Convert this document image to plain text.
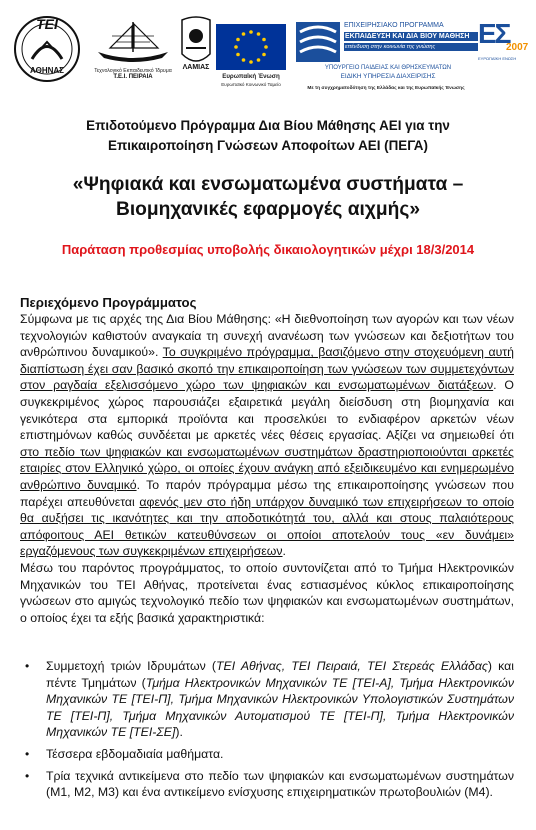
ΤΕΙ
ΑΘΗΝΑΣ	Τεχνολογικό Εκπαιδευτικό Ίδρυμα
Τ.Ε.Ι. ΠΕΙΡΑΙΑ
ΛΑΜΙΑΣ
Ευρωπαϊκή Ένωση
Ευρωπαϊκό Κοινωνικό Ταμείο
ΕΠΙΧΕΙΡΗΣΙΑΚΟ ΠΡΟΓΡΑΜΜΑ
ΕΚΠΑΙΔΕΥΣΗ ΚΑΙ ΔΙΑ ΒΙΟΥ ΜΑΘΗΣΗ
επένδυση στην κοινωνία της γνώσης
ΥΠΟΥΡΓΕΙΟ ΠΑΙΔΕΙΑΣ ΚΑΙ ΘΡΗΣΚΕΥΜΑΤΩΝ
ΕΙΔΙΚΗ ΥΠΗΡΕΣΙΑ ΔΙΑΧΕΙΡΙΣΗΣ
Με τη συγχρηματοδότηση της Ελλάδας και της Ευρωπαϊκής Ένωσης
ΕΣ
2007
ΕΥΡΩΠΑΪΚΗ ΕΝΩΣΗ
Επιδοτούμενο Πρόγραμμα Δια Βίου Μάθησης ΑΕΙ για την
Επικαιροποίηση Γνώσεων Αποφοίτων ΑΕΙ (ΠΕΓΑ)
«Ψηφιακά και ενσωματωμένα συστήματα –
Βιομηχανικές εφαρμογές αιχμής»
Παράταση προθεσμίας υποβολής δικαιολογητικών μέχρι 18/3/2014

Περιεχόμενο Προγράμματος

Σύμφωνα με τις αρχές της Δια Βίου Μάθησης: «Η διεθνοποίηση των αγορών και των νέων τεχνολογιών καθιστούν αναγκαία τη συνεχή ανανέωση των γνώσεων και δεξιοτήτων του ανθρώπινου δυναμικού». Το συγκριμένο πρόγραμμα, βασιζόμενο στην στοχευόμενη αυτή διαπίστωση έχει σαν βασικό σκοπό την επικαιροποίηση των γνώσεων των συμμετεχόντων στον ραγδαία εξελισσόμενο χώρο των ψηφιακών και ενσωματωμένων διατάξεων. Ο συγκεκριμένος χώρος παρουσιάζει εξαιρετικά μεγάλη διείσδυση στη βιομηχανία και γενικότερα στα εμπορικά προϊόντα και προσελκύει το ενδιαφέρον αρκετών νέων επιστημόνων καθώς συνδέεται με αρκετές νέες θέσεις εργασίας. Αξίζει να σημειωθεί ότι στο πεδίο των ψηφιακών και ενσωματωμένων συστημάτων δραστηριοποιούνται αρκετές εταιρίες στον Ελληνικό χώρο, οι οποίες έχουν ανάγκη από εξειδικευμένο και ενημερωμένο ανθρώπινο δυναμικό. Το παρόν πρόγραμμα μέσω της επικαιροποίησης γνώσεων που παρέχει απευθύνεται αφενός μεν στο ήδη υπάρχον δυναμικό των επιχειρήσεων το οποίο θα αυξήσει τις ικανότητες και την αποδοτικότητά του, αλλά και στους παλαιότερους απόφοιτους ΑΕΙ θετικών κατευθύνσεων οι οποίοι αποτελούν τους «εν δυνάμει» εργαζόμενους των συγκεκριμένων επιχειρήσεων.

Μέσω του παρόντος προγράμματος, το οποίο συντονίζεται από το Τμήμα Ηλεκτρονικών Μηχανικών του ΤΕΙ Αθήνας, προτείνεται ένας εστιασμένος κύκλος επικαιροποίησης γνώσεων στο αμιγώς τεχνολογικό πεδίο των ψηφιακών και ενσωματωμένων συστημάτων, ο οποίος έχει τα εξής βασικά χαρακτηριστικά:

• Συμμετοχή τριών Ιδρυμάτων (ΤΕΙ Αθήνας, ΤΕΙ Πειραιά, ΤΕΙ Στερεάς Ελλάδας) και πέντε Τμημάτων (Τμήμα Ηλεκτρονικών Μηχανικών ΤΕ [ΤΕΙ-Α], Τμήμα Ηλεκτρονικών Μηχανικών ΤΕ [ΤΕΙ-Π], Τμήμα Μηχανικών Ηλεκτρονικών Υπολογιστικών Συστημάτων ΤΕ [ΤΕΙ-Π], Τμήμα Μηχανικών Αυτοματισμού ΤΕ [ΤΕΙ-Π], Τμήμα Ηλεκτρονικών Μηχανικών ΤΕ [ΤΕΙ-ΣΕ]).
• Τέσσερα εβδομαδιαία μαθήματα.
• Τρία τεχνικά αντικείμενα στο πεδίο των ψηφιακών και ενσωματωμένων συστημάτων (Μ1, Μ2, Μ3) και ένα αντικείμενο ενίσχυσης επιχειρηματικών πρωτοβουλιών (Μ4).
